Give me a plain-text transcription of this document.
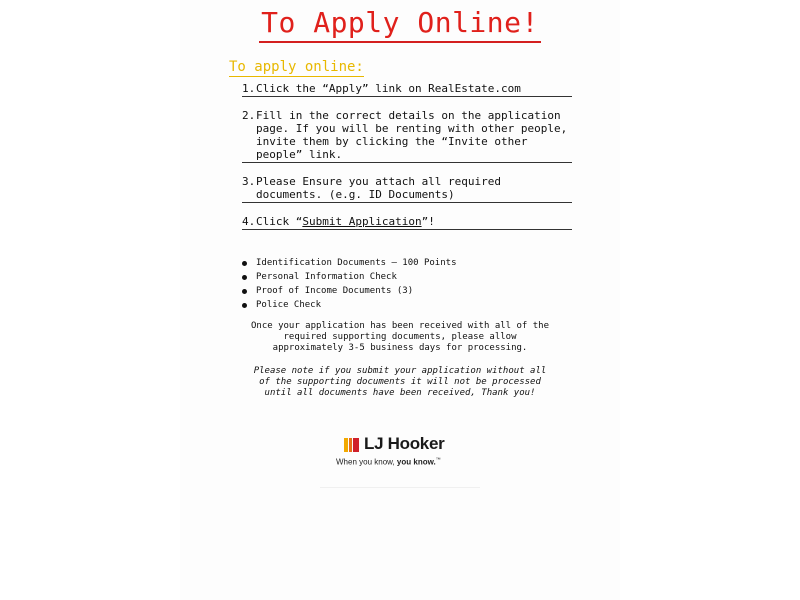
To Apply Online!
To apply online:
1. Click the “Apply” link on RealEstate.com
2. Fill in the correct details on the application page. If you will be renting with other people, invite them by clicking the “Invite other people” link.
3. Please Ensure you attach all required documents. (e.g. ID Documents)
4. Click “Submit Application”!
Identification Documents – 100 Points
Personal Information Check
Proof of Income Documents (3)
Police Check
Once your application has been received with all of the required supporting documents, please allow approximately 3-5 business days for processing.
Please note if you submit your application without all of the supporting documents it will not be processed until all documents have been received, Thank you!
LJ Hooker
When you know, you know.™
